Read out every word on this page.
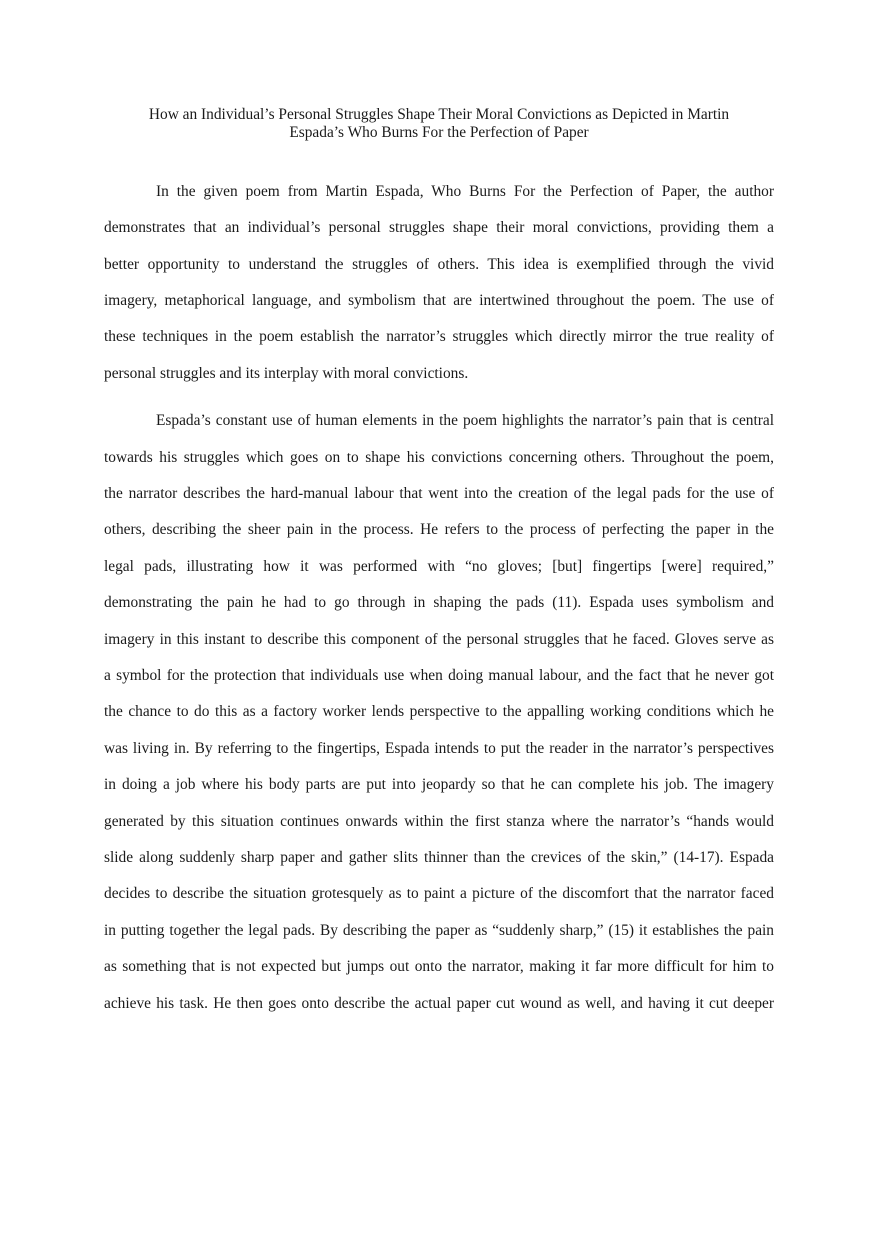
How an Individual’s Personal Struggles Shape Their Moral Convictions as Depicted in Martin
Espada’s Who Burns For the Perfection of Paper

In the given poem from Martin Espada, Who Burns For the Perfection of Paper, the author

demonstrates that an individual’s personal struggles shape their moral convictions, providing them a

better opportunity to understand the struggles of others. This idea is exemplified through the vivid

imagery, metaphorical language, and symbolism that are intertwined throughout the poem. The use of

these techniques in the poem establish the narrator’s struggles which directly mirror the true reality of

personal struggles and its interplay with moral convictions.

Espada’s constant use of human elements in the poem highlights the narrator’s pain that is central

towards his struggles which goes on to shape his convictions concerning others. Throughout the poem,

the narrator describes the hard-manual labour that went into the creation of the legal pads for the use of

others, describing the sheer pain in the process. He refers to the process of perfecting the paper in the

legal pads, illustrating how it was performed with “no gloves; [but] fingertips [were] required,”

demonstrating the pain he had to go through in shaping the pads (11). Espada uses symbolism and

imagery in this instant to describe this component of the personal struggles that he faced. Gloves serve as

a symbol for the protection that individuals use when doing manual labour, and the fact that he never got

the chance to do this as a factory worker lends perspective to the appalling working conditions which he

was living in. By referring to the fingertips, Espada intends to put the reader in the narrator’s perspectives

in doing a job where his body parts are put into jeopardy so that he can complete his job. The imagery

generated by this situation continues onwards within the first stanza where the narrator’s “hands would

slide along suddenly sharp paper and gather slits thinner than the crevices of the skin,” (14-17). Espada

decides to describe the situation grotesquely as to paint a picture of the discomfort that the narrator faced

in putting together the legal pads. By describing the paper as “suddenly sharp,” (15) it establishes the pain

as something that is not expected but jumps out onto the narrator, making it far more difficult for him to

achieve his task. He then goes onto describe the actual paper cut wound as well, and having it cut deeper
